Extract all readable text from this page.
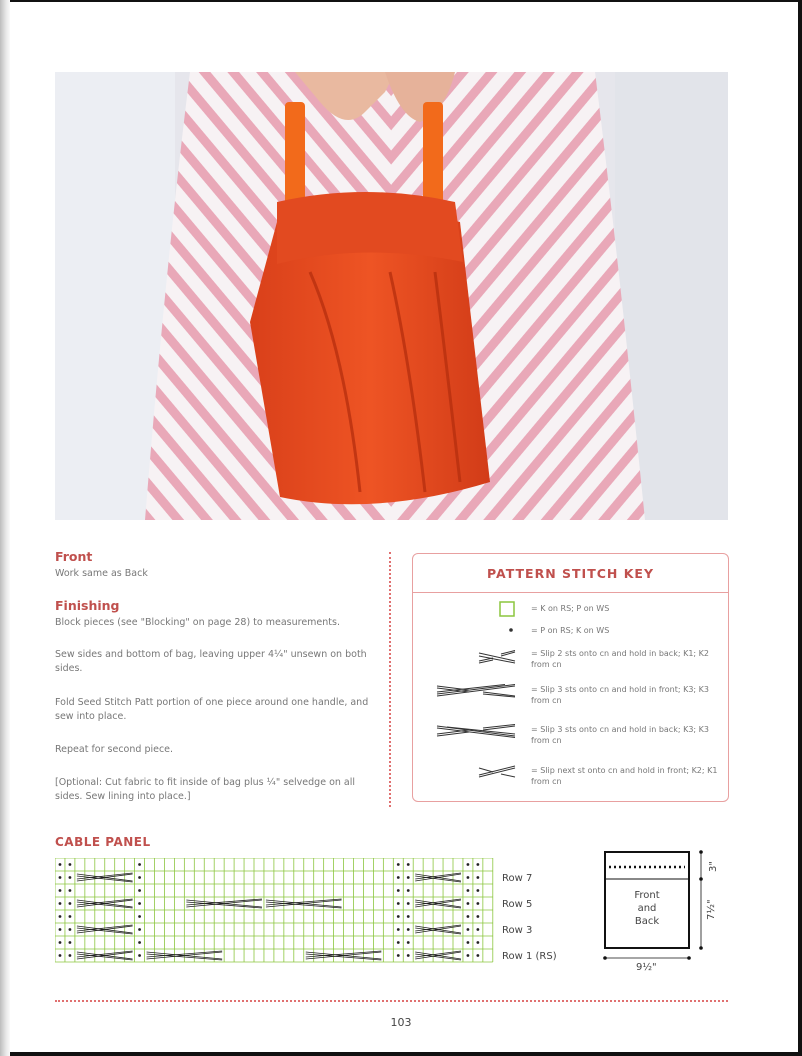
Front

Work same as Back

Finishing

Block pieces (see "Blocking" on page 28) to measurements.

Sew sides and bottom of bag, leaving upper 4¼" unsewn on both sides.

Fold Seed Stitch Patt portion of one piece around one handle, and sew into place.

Repeat for second piece.

[Optional: Cut fabric to fit inside of bag plus ¼" selvedge on all sides. Sew lining into place.]

PATTERN STITCH KEY
= K on RS; P on WS
= P on RS; K on WS
= Slip 2 sts onto cn and hold in back; K1; K2 from cn
= Slip 3 sts onto cn and hold in front; K3; K3 from cn
= Slip 3 sts onto cn and hold in back; K3; K3 from cn
= Slip next st onto cn and hold in front; K2; K1 from cn
CABLE PANEL
Row 7
Row 5
Row 3
Row 1 (RS)
Front
and
Back
3"
7½"
9½"
103
